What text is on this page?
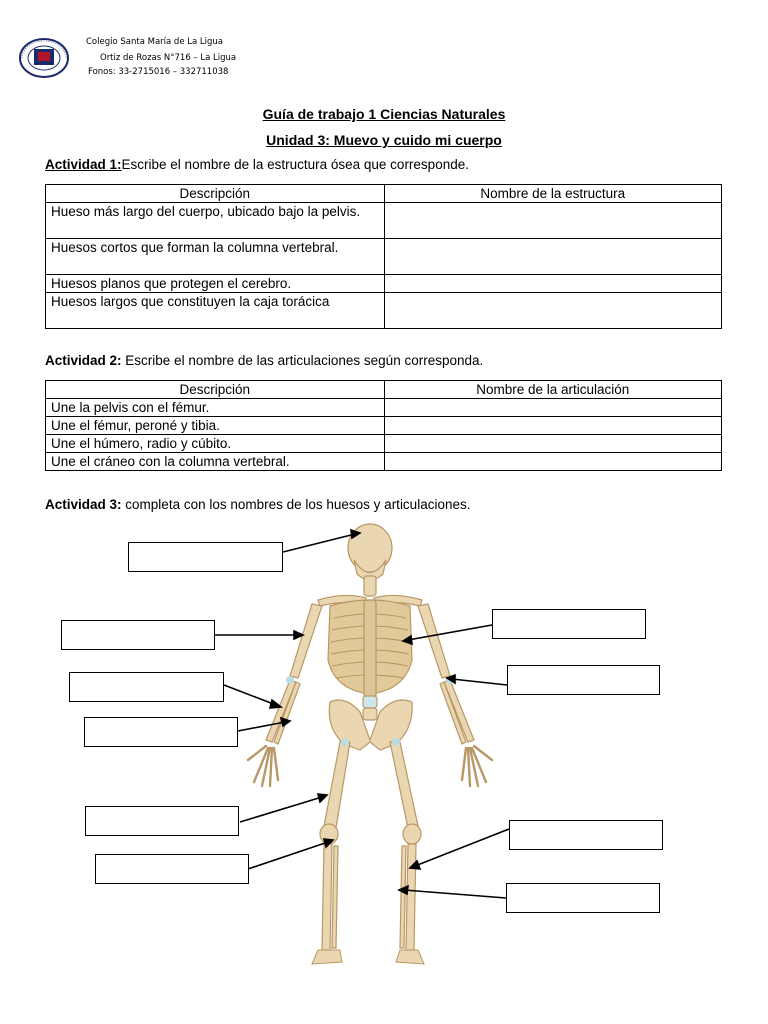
Colegio Santa María de La Ligua
Ortiz de Rozas N°716 – La Ligua
Fonos: 33-2715016 – 332711038
Guía de trabajo 1 Ciencias Naturales
Unidad 3: Muevo y cuido mi cuerpo
Actividad 1:Escribe el nombre de la estructura ósea que corresponde.
Descripción	Nombre de la estructura
Hueso más largo del cuerpo, ubicado bajo la pelvis.	
Huesos cortos que forman la columna vertebral.	
Huesos planos que protegen el cerebro.	
Huesos largos que constituyen la caja torácica	
Actividad 2: Escribe el nombre de las articulaciones según corresponda.
Descripción	Nombre de la articulación
Une la pelvis con el fémur.	
Une el fémur, peroné y tibia.	
Une el húmero, radio y cúbito.	
Une el cráneo con la columna vertebral.	
Actividad 3: completa con los nombres de los huesos y articulaciones.
